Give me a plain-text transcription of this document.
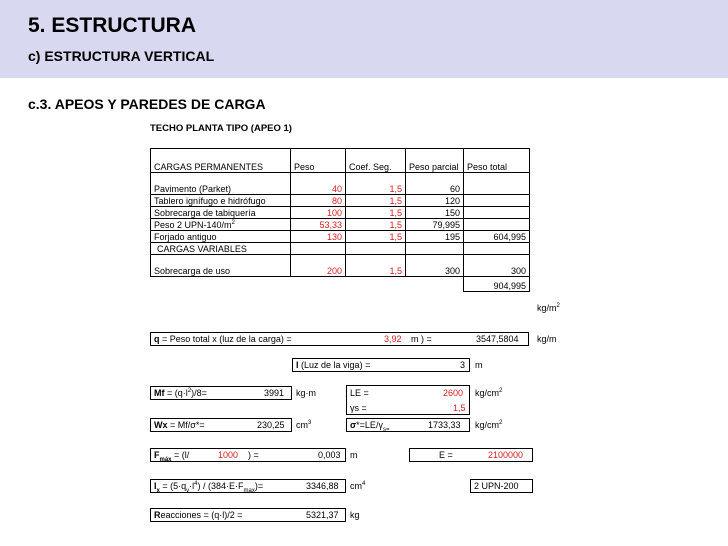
5. ESTRUCTURA
c) ESTRUCTURA VERTICAL
c.3. APEOS Y PAREDES DE CARGA
TECHO PLANTA TIPO (APEO 1)
CARGAS PERMANENTES	Peso	Coef. Seg.	Peso parcial	Peso total
Pavimento (Parket)	40	1,5	60	
Tablero ignífugo e hidrófugo	80	1,5	120	
Sobrecarga de tabiquería	100	1,5	150	
Peso 2 UPN-$140/m^2$	53,33	1,5	79,995	
Forjado antiguo	130	1,5	195	604,995
CARGAS VARIABLES				
Sobrecarga de uso	200	1,5	300	300
				904,995
$kg/m^2$
q = Peso total x (luz de la carga) =	3,92 m ) =	3547,5804 kg/m
l (Luz de la viga) =	3 m
$Mf = (q\cdot l^2)/8=$	3991 kg·m	LE =	2600 $kg/cm^2$
γs =	1,5
Wx = Mf/σ*=	230,25 $cm^3$	$\sigma*=LE/\gamma_{s=}$	1733,33 $kg/cm^2$
$F_{máx} = (l/$	1000 ) =	0,003 m	E =	2100000
$I_x = (5\cdot q_v\cdot l^4) / (384\cdot E\cdot F_{max})=$	3346,88 $cm^4$	2 UPN-200
Reacciones = (q·l)/2 =	5321,37 kg
